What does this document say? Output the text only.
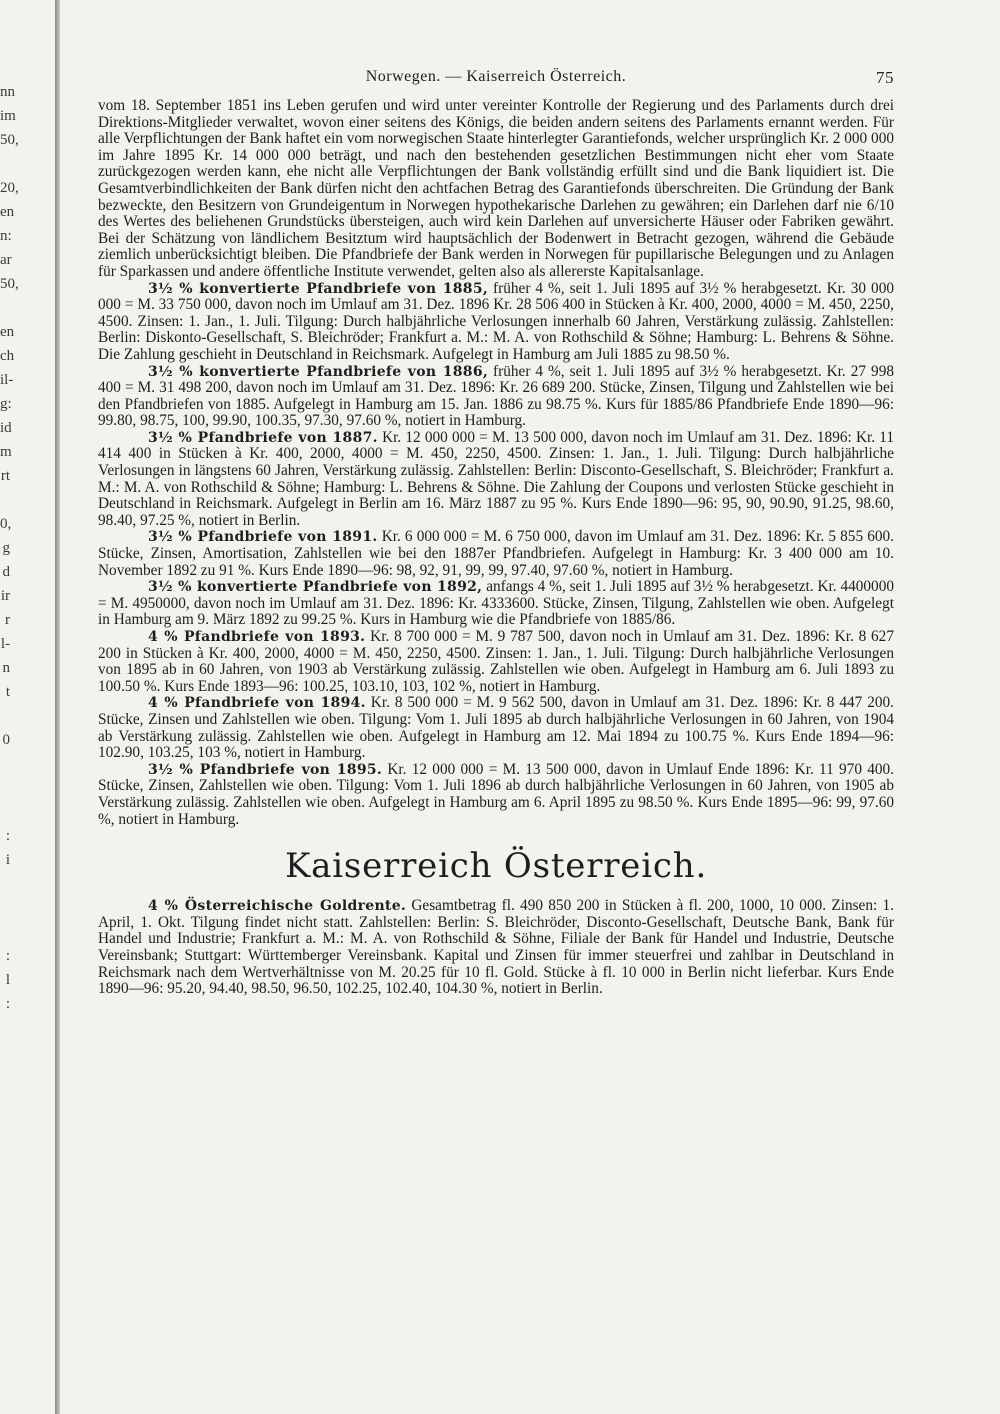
nn
im
50,

20,
en
n:
ar
50,

en
ch
il-
g:
id
m
rt

0,
g
d
ir
r
l-
n
t

0

:
i

:
l
:
Norwegen. — Kaiserreich Österreich.	75

vom 18. September 1851 ins Leben gerufen und wird unter vereinter Kontrolle der Regierung und des Parlaments durch drei Direktions-Mitglieder verwaltet, wovon einer seitens des Königs, die beiden andern seitens des Parlaments ernannt werden. Für alle Verpflichtungen der Bank haftet ein vom norwegischen Staate hinterlegter Garantiefonds, welcher ursprünglich Kr. 2 000 000 im Jahre 1895 Kr. 14 000 000 beträgt, und nach den bestehenden gesetzlichen Bestimmungen nicht eher vom Staate zurückgezogen werden kann, ehe nicht alle Verpflichtungen der Bank vollständig erfüllt sind und die Bank liquidiert ist. Die Gesamtverbindlichkeiten der Bank dürfen nicht den achtfachen Betrag des Garantiefonds überschreiten. Die Gründung der Bank bezweckte, den Besitzern von Grundeigentum in Norwegen hypothekarische Darlehen zu gewähren; ein Darlehen darf nie 6/10 des Wertes des beliehenen Grundstücks übersteigen, auch wird kein Darlehen auf unversicherte Häuser oder Fabriken gewährt. Bei der Schätzung von ländlichem Besitztum wird hauptsächlich der Bodenwert in Betracht gezogen, während die Gebäude ziemlich unberücksichtigt bleiben. Die Pfandbriefe der Bank werden in Norwegen für pupillarische Belegungen und zu Anlagen für Sparkassen und andere öffentliche Institute verwendet, gelten also als allererste Kapitalsanlage.

3½ % konvertierte Pfandbriefe von 1885, früher 4 %, seit 1. Juli 1895 auf 3½ % herabgesetzt. Kr. 30 000 000 = M. 33 750 000, davon noch im Umlauf am 31. Dez. 1896 Kr. 28 506 400 in Stücken à Kr. 400, 2000, 4000 = M. 450, 2250, 4500. Zinsen: 1. Jan., 1. Juli. Tilgung: Durch halbjährliche Verlosungen innerhalb 60 Jahren, Verstärkung zulässig. Zahlstellen: Berlin: Diskonto-Gesellschaft, S. Bleichröder; Frankfurt a. M.: M. A. von Rothschild & Söhne; Hamburg: L. Behrens & Söhne. Die Zahlung geschieht in Deutschland in Reichsmark. Aufgelegt in Hamburg am Juli 1885 zu 98.50 %.

3½ % konvertierte Pfandbriefe von 1886, früher 4 %, seit 1. Juli 1895 auf 3½ % herabgesetzt. Kr. 27 998 400 = M. 31 498 200, davon noch im Umlauf am 31. Dez. 1896: Kr. 26 689 200. Stücke, Zinsen, Tilgung und Zahlstellen wie bei den Pfandbriefen von 1885. Aufgelegt in Hamburg am 15. Jan. 1886 zu 98.75 %. Kurs für 1885/86 Pfandbriefe Ende 1890—96: 99.80, 98.75, 100, 99.90, 100.35, 97.30, 97.60 %, notiert in Hamburg.

3½ % Pfandbriefe von 1887. Kr. 12 000 000 = M. 13 500 000, davon noch im Umlauf am 31. Dez. 1896: Kr. 11 414 400 in Stücken à Kr. 400, 2000, 4000 = M. 450, 2250, 4500. Zinsen: 1. Jan., 1. Juli. Tilgung: Durch halbjährliche Verlosungen in längstens 60 Jahren, Verstärkung zulässig. Zahlstellen: Berlin: Disconto-Gesellschaft, S. Bleichröder; Frankfurt a. M.: M. A. von Rothschild & Söhne; Hamburg: L. Behrens & Söhne. Die Zahlung der Coupons und verlosten Stücke geschieht in Deutschland in Reichsmark. Aufgelegt in Berlin am 16. März 1887 zu 95 %. Kurs Ende 1890—96: 95, 90, 90.90, 91.25, 98.60, 98.40, 97.25 %, notiert in Berlin.

3½ % Pfandbriefe von 1891. Kr. 6 000 000 = M. 6 750 000, davon im Umlauf am 31. Dez. 1896: Kr. 5 855 600. Stücke, Zinsen, Amortisation, Zahlstellen wie bei den 1887er Pfandbriefen. Aufgelegt in Hamburg: Kr. 3 400 000 am 10. November 1892 zu 91 %. Kurs Ende 1890—96: 98, 92, 91, 99, 99, 97.40, 97.60 %, notiert in Hamburg.

3½ % konvertierte Pfandbriefe von 1892, anfangs 4 %, seit 1. Juli 1895 auf 3½ % herabgesetzt. Kr. 4400000 = M. 4950000, davon noch im Umlauf am 31. Dez. 1896: Kr. 4333600. Stücke, Zinsen, Tilgung, Zahlstellen wie oben. Aufgelegt in Hamburg am 9. März 1892 zu 99.25 %. Kurs in Hamburg wie die Pfandbriefe von 1885/86.

4 % Pfandbriefe von 1893. Kr. 8 700 000 = M. 9 787 500, davon noch in Umlauf am 31. Dez. 1896: Kr. 8 627 200 in Stücken à Kr. 400, 2000, 4000 = M. 450, 2250, 4500. Zinsen: 1. Jan., 1. Juli. Tilgung: Durch halbjährliche Verlosungen von 1895 ab in 60 Jahren, von 1903 ab Verstärkung zulässig. Zahlstellen wie oben. Aufgelegt in Hamburg am 6. Juli 1893 zu 100.50 %. Kurs Ende 1893—96: 100.25, 103.10, 103, 102 %, notiert in Hamburg.

4 % Pfandbriefe von 1894. Kr. 8 500 000 = M. 9 562 500, davon in Umlauf am 31. Dez. 1896: Kr. 8 447 200. Stücke, Zinsen und Zahlstellen wie oben. Tilgung: Vom 1. Juli 1895 ab durch halbjährliche Verlosungen in 60 Jahren, von 1904 ab Verstärkung zulässig. Zahlstellen wie oben. Aufgelegt in Hamburg am 12. Mai 1894 zu 100.75 %. Kurs Ende 1894—96: 102.90, 103.25, 103 %, notiert in Hamburg.

3½ % Pfandbriefe von 1895. Kr. 12 000 000 = M. 13 500 000, davon in Umlauf Ende 1896: Kr. 11 970 400. Stücke, Zinsen, Zahlstellen wie oben. Tilgung: Vom 1. Juli 1896 ab durch halbjährliche Verlosungen in 60 Jahren, von 1905 ab Verstärkung zulässig. Zahlstellen wie oben. Aufgelegt in Hamburg am 6. April 1895 zu 98.50 %. Kurs Ende 1895—96: 99, 97.60 %, notiert in Hamburg.

Kaiserreich Österreich.

4 % Österreichische Goldrente. Gesamtbetrag fl. 490 850 200 in Stücken à fl. 200, 1000, 10 000. Zinsen: 1. April, 1. Okt. Tilgung findet nicht statt. Zahlstellen: Berlin: S. Bleichröder, Disconto-Gesellschaft, Deutsche Bank, Bank für Handel und Industrie; Frankfurt a. M.: M. A. von Rothschild & Söhne, Filiale der Bank für Handel und Industrie, Deutsche Vereinsbank; Stuttgart: Württemberger Vereinsbank. Kapital und Zinsen für immer steuerfrei und zahlbar in Deutschland in Reichsmark nach dem Wertverhältnisse von M. 20.25 für 10 fl. Gold. Stücke à fl. 10 000 in Berlin nicht lieferbar. Kurs Ende 1890—96: 95.20, 94.40, 98.50, 96.50, 102.25, 102.40, 104.30 %, notiert in Berlin.
